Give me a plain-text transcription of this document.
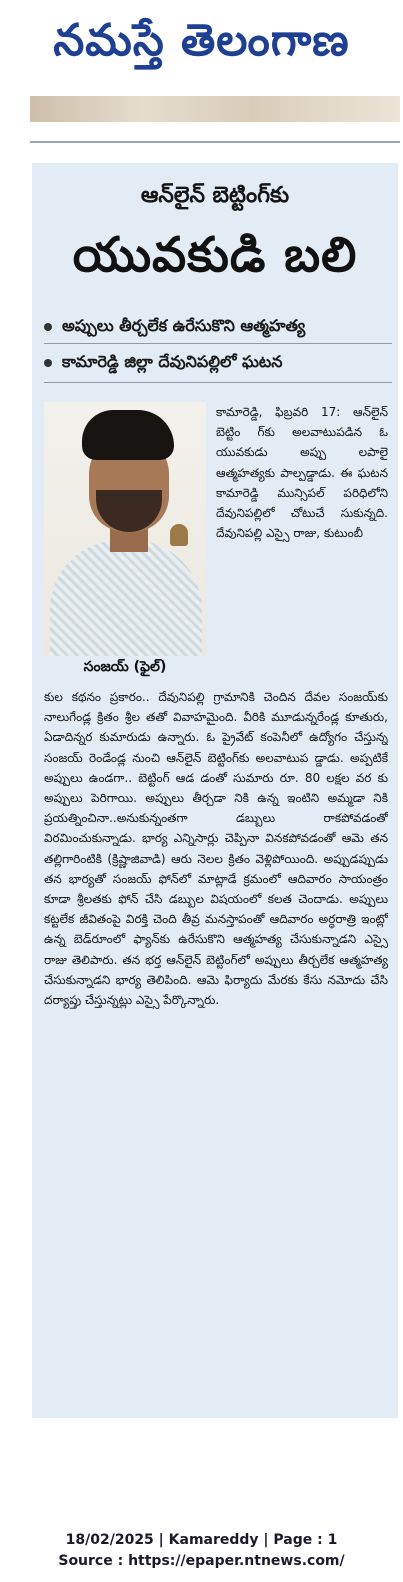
నమస్తే తెలంగాణ
ఆన్‌లైన్ బెట్టింగ్‌కు
యువకుడి బలి
అప్పులు తీర్చలేక ఉరేసుకొని ఆత్మహత్య
కామారెడ్డి జిల్లా దేవునిపల్లిలో ఘటన
సంజయ్ (ఫైల్)
కామారెడ్డి, ఫిబ్రవరి 17: ఆన్‌లైన్ బెట్టిం గ్‌కు అలవాటుపడిన ఓ యువకుడు అప్పు లపాలై ఆత్మహత్యకు పాల్పడ్డాడు. ఈ ఘటన కామారెడ్డి మున్సిపల్ పరిధిలోని దేవునిపల్లిలో చోటుచే సుకున్నది. దేవునిపల్లి ఎస్సై రాజు, కుటుంబీ
కుల కథనం ప్రకారం.. దేవునిపల్లి గ్రామానికి చెందిన దేవల సంజయ్‌కు నాలుగేండ్ల క్రితం శ్రీల తతో వివాహమైంది. వీరికి మూడున్నరేండ్ల కూతురు, ఏడాదిన్నర కుమారుడు ఉన్నారు. ఓ ప్రైవేట్ కంపెనీలో ఉద్యోగం చేస్తున్న సంజయ్ రెండేండ్ల నుంచి ఆన్‌లైన్ బెట్టింగ్‌కు అలవాటుప డ్డాడు. అప్పటికే అప్పులు ఉండగా.. బెట్టింగ్ ఆడ డంతో సుమారు రూ. 80 లక్షల వర కు అప్పులు పెరిగాయి. అప్పులు తీర్చడా నికి ఉన్న ఇంటిని అమ్మడా నికి ప్రయత్నించినా..అనుకున్నంతగా డబ్బులు రాకపోవడంతో విరమించుకున్నాడు. భార్య ఎన్నిసార్లు చెప్పినా వినకపోవడంతో ఆమె తన తల్లిగారింటికి (క్రిష్ణాజివాడి) ఆరు నెలల క్రితం వెళ్లిపోయింది. అప్పుడప్పుడు తన భార్యతో సంజయ్ ఫోన్‌లో మాట్లాడే క్రమంలో ఆదివారం సాయంత్రం కూడా శ్రీలతకు ఫోన్ చేసి డబ్బుల విషయంలో కలత చెందాడు. అప్పులు కట్టలేక జీవితంపై విరక్తి చెంది తీవ్ర మనస్తాపంతో ఆదివారం అర్ధరాత్రి ఇంట్లో ఉన్న బెడ్‌రూంలో ఫ్యాన్‌కు ఉరేసుకొని ఆత్మహత్య చేసుకున్నాడని ఎస్సై రాజు తెలిపారు. తన భర్త ఆన్‌లైన్ బెట్టింగ్‌లో అప్పులు తీర్చలేక ఆత్మహత్య చేసుకున్నాడని భార్య తెలిపింది. ఆమె ఫిర్యాదు మేరకు కేసు నమోదు చేసి దర్యాప్తు చేస్తున్నట్లు ఎస్సై పేర్కొన్నారు.
18/02/2025 | Kamareddy | Page : 1
Source : https://epaper.ntnews.com/
